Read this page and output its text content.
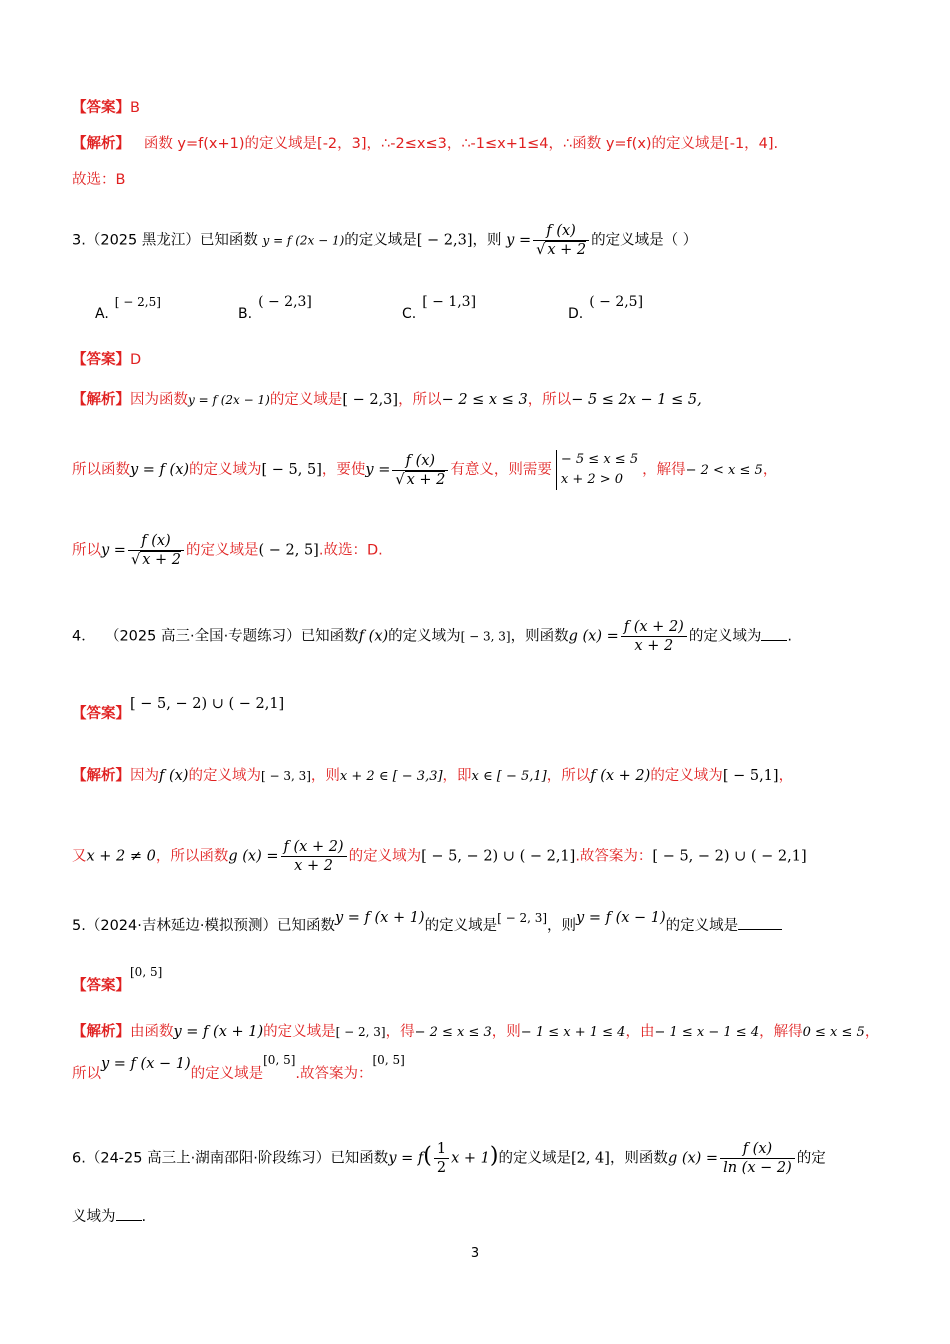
【答案】B
【解析】 函数 y=f(x+1)的定义域是[-2，3]，∴-2≤x≤3，∴-1≤x+1≤4，∴函数 y=f(x)的定义域是[-1，4].
故选：B
3.（2025 黑龙江）已知函数 y = f (2x − 1)的定义域是[ − 2,3]，则 $y = \frac{f (x)}{√ x + 2}$ 的定义域是（ ）
A.[ − 2,5]
B.( − 2,3]
C.[ − 1,3]
D.( − 2,5]
【答案】D
【解析】因为函数y = f (2x − 1)的定义域是[ − 2,3]，所以− 2 ≤ x ≤ 3，所以− 5 ≤ 2x − 1 ≤ 5,
所以函数y = f (x)的定义域为[ − 5, 5]，要使$y = \frac{f (x)}{√ x + 2}$ 有意义，则需要
− 5 ≤ x ≤ 5
x + 2 > 0
，解得− 2 < x ≤ 5，
所以$y = \frac{f (x)}{√ x + 2}$ 的定义域是( − 2, 5].故选：D.
4． （2025 高三·全国·专题练习）已知函数f (x)的定义域为[ − 3, 3]，则函数g $(x) = \frac{f (x + 2)}{x + 2}$ 的定义域为 .
【答案】[ − 5, − 2) ∪ ( − 2,1]
【解析】因为f (x)的定义域为[ − 3, 3]，则x + 2 ∈ [ − 3,3]，即x ∈ [ − 5,1]，所以f (x + 2)的定义域为[ − 5,1]，
又x + 2 ≠ 0，所以函数g $(x) = \frac{f (x + 2)}{x + 2}$ 的定义域为[ − 5, − 2) ∪ ( − 2,1].故答案为：[ − 5, − 2) ∪ ( − 2,1]
5.（2024·吉林延边·模拟预测）已知函数y = f (x + 1)的定义域是[ − 2, 3]，则y = f (x − 1)的定义域是
【答案】[0, 5]
【解析】由函数y = f (x + 1)的定义域是[ − 2, 3]，得− 2 ≤ x ≤ 3，则− 1 ≤ x + 1 ≤ 4，由− 1 ≤ x − 1 ≤ 4，解得0 ≤ x ≤ 5，
所以y = f (x − 1)的定义域是[0, 5].故答案为：[0, 5]
6.（24-25 高三上·湖南邵阳·阶段练习）已知函数$y = f( \frac{1}{2}$ x + 1)的定义域是[2, 4]，则函数g $(x) = \frac{f (x)}{\ln (x - 2)}$ 的定
义域为 .
3
